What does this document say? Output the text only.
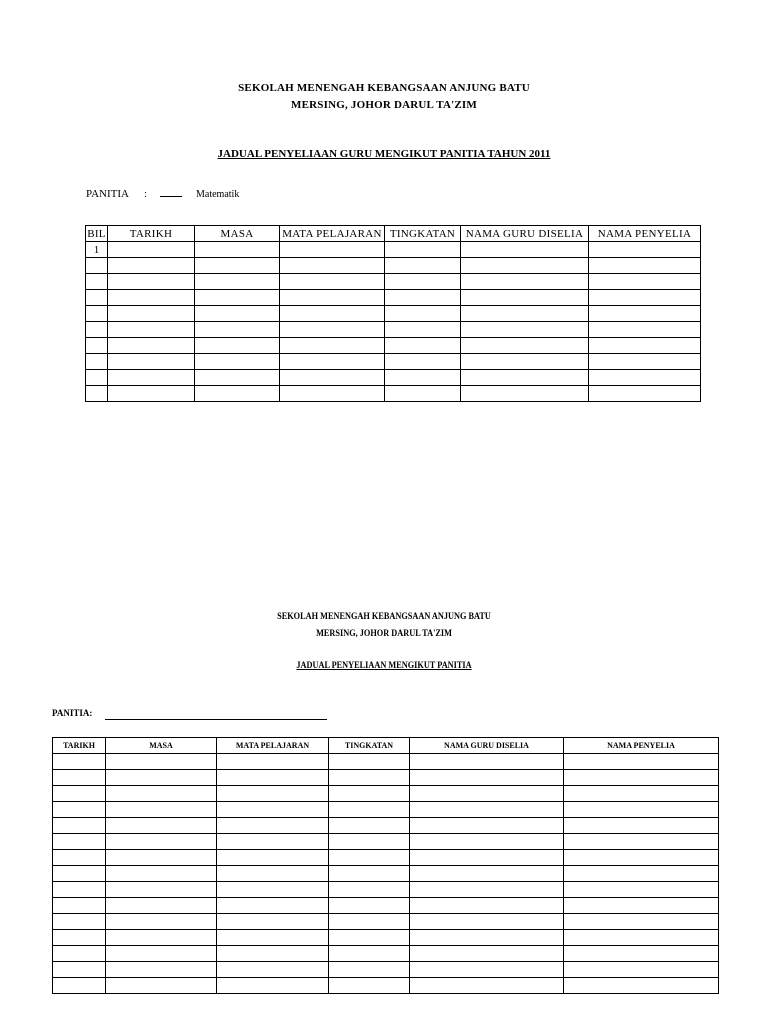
SEKOLAH MENENGAH KEBANGSAAN ANJUNG BATU
MERSING, JOHOR DARUL TA'ZIM
JADUAL PENYELIAAN GURU MENGIKUT PANITIA TAHUN 2011
PANITIA :	Matematik
BIL	TARIKH	MASA	MATA PELAJARAN	TINGKATAN	NAMA GURU DISELIA	NAMA PENYELIA
1						

SEKOLAH MENENGAH KEBANGSAAN ANJUNG BATU
MERSING, JOHOR DARUL TA'ZIM
JADUAL PENYELIAAN MENGIKUT PANITIA
PANITIA:
TARIKH	MASA	MATA PELAJARAN	TINGKATAN	NAMA GURU DISELIA	NAMA PENYELIA
